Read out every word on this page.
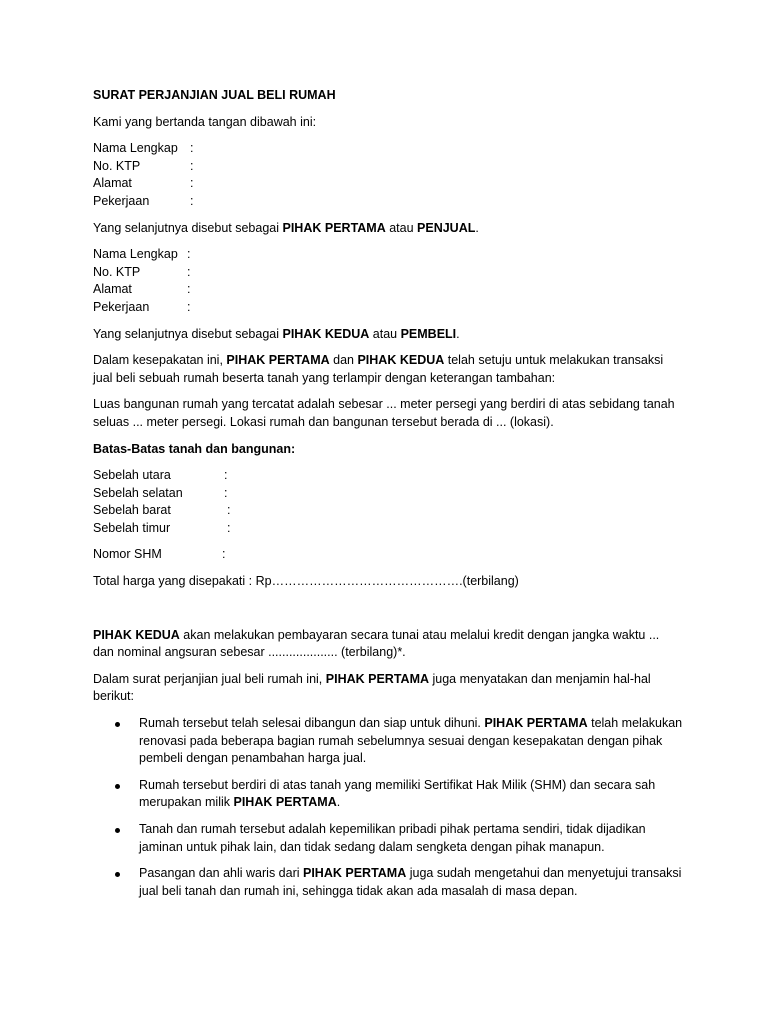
SURAT PERJANJIAN JUAL BELI RUMAH

Kami yang bertanda tangan dibawah ini:

Nama Lengkap :
No. KTP	:
Alamat	:
Pekerjaan	:

Yang selanjutnya disebut sebagai PIHAK PERTAMA atau PENJUAL.

Nama Lengkap :
No. KTP	:
Alamat	:
Pekerjaan	:

Yang selanjutnya disebut sebagai PIHAK KEDUA atau PEMBELI.

Dalam kesepakatan ini, PIHAK PERTAMA dan PIHAK KEDUA telah setuju untuk melakukan transaksi jual beli sebuah rumah beserta tanah yang terlampir dengan keterangan tambahan:

Luas bangunan rumah yang tercatat adalah sebesar ... meter persegi yang berdiri di atas sebidang tanah seluas ... meter persegi. Lokasi rumah dan bangunan tersebut berada di ... (lokasi).

Batas-Batas tanah dan bangunan:

Sebelah utara	:
Sebelah selatan	:
Sebelah barat	:
Sebelah timur	:
Nomor SHM	:

Total harga yang disepakati : Rp……………………………………….(terbilang)

PIHAK KEDUA akan melakukan pembayaran secara tunai atau melalui kredit dengan jangka waktu ... dan nominal angsuran sebesar .................... (terbilang)*.

Dalam surat perjanjian jual beli rumah ini, PIHAK PERTAMA juga menyatakan dan menjamin hal-hal berikut:

Rumah tersebut telah selesai dibangun dan siap untuk dihuni. PIHAK PERTAMA telah melakukan renovasi pada beberapa bagian rumah sebelumnya sesuai dengan kesepakatan dengan pihak pembeli dengan penambahan harga jual.
Rumah tersebut berdiri di atas tanah yang memiliki Sertifikat Hak Milik (SHM) dan secara sah merupakan milik PIHAK PERTAMA.
Tanah dan rumah tersebut adalah kepemilikan pribadi pihak pertama sendiri, tidak dijadikan jaminan untuk pihak lain, dan tidak sedang dalam sengketa dengan pihak manapun.
Pasangan dan ahli waris dari PIHAK PERTAMA juga sudah mengetahui dan menyetujui transaksi jual beli tanah dan rumah ini, sehingga tidak akan ada masalah di masa depan.
